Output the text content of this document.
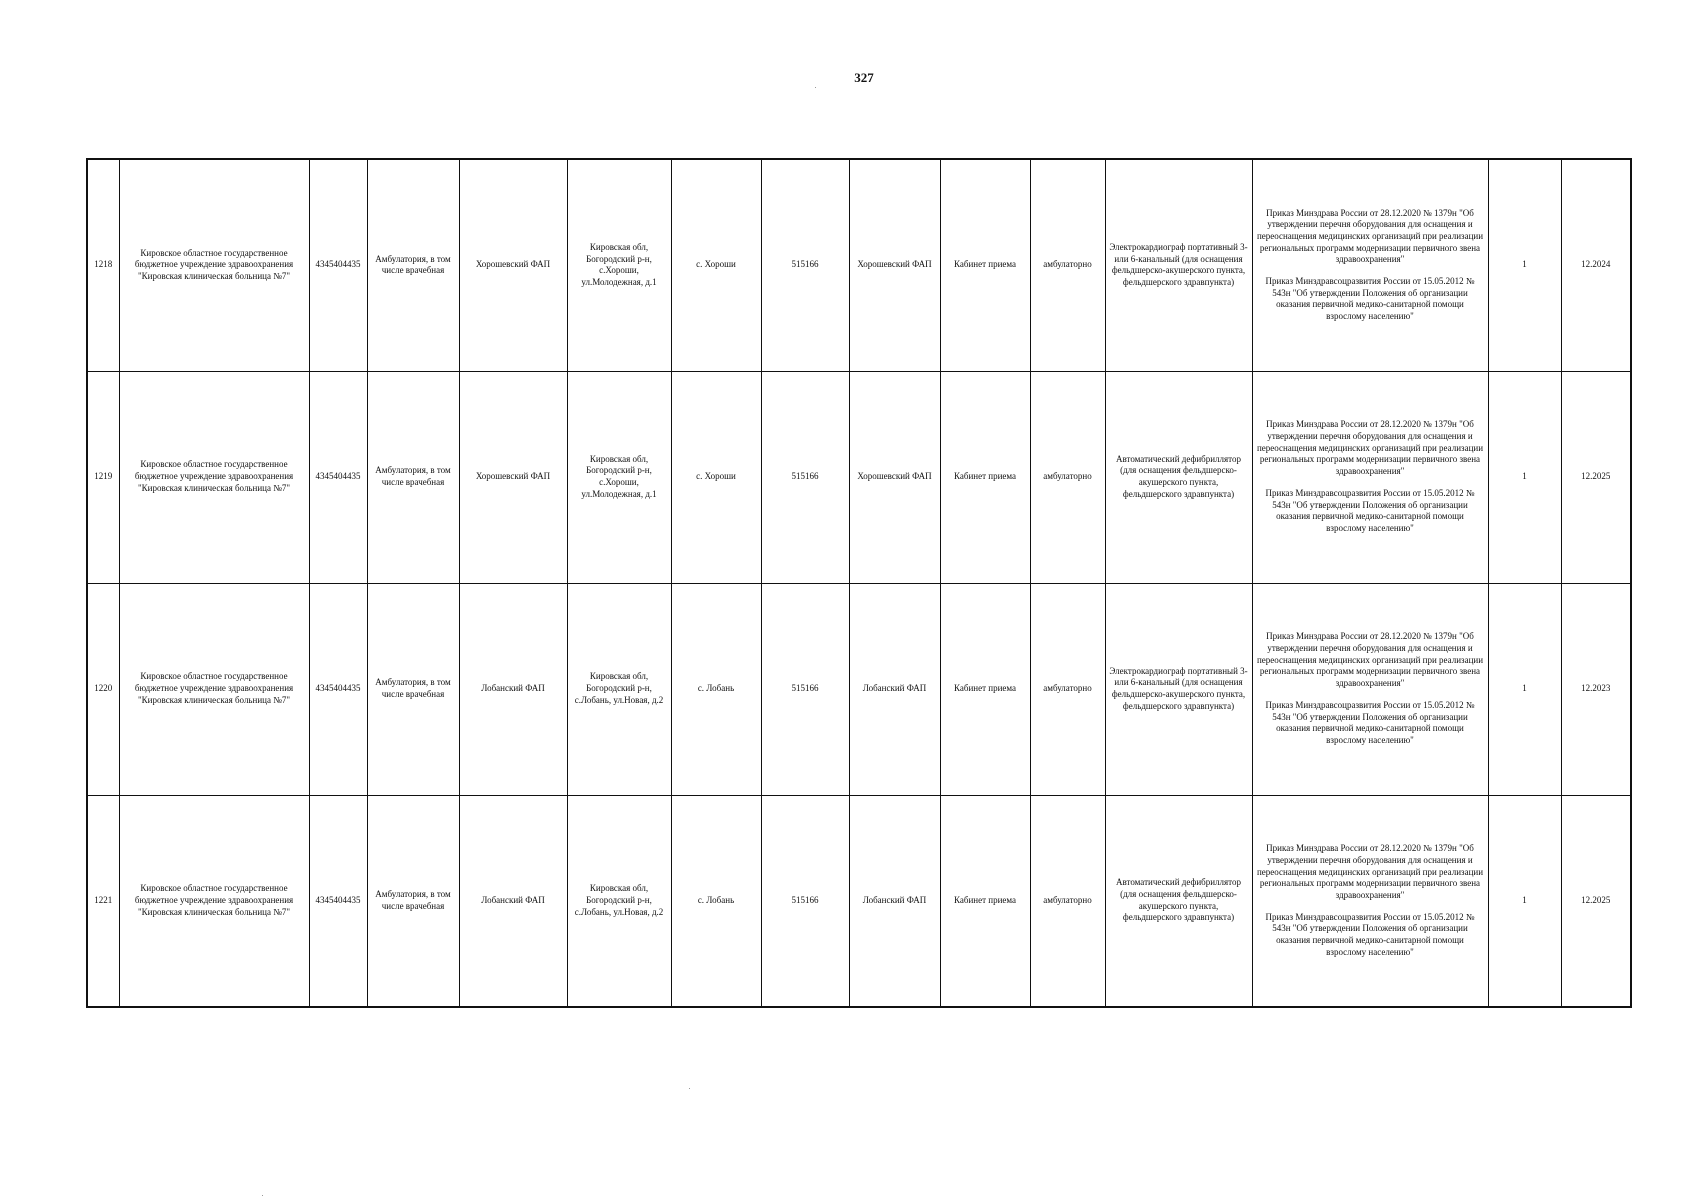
327
1218	Кировское областное государственное бюджетное учреждение здравоохранения "Кировская клиническая больница №7"	4345404435	Амбулатория, в том числе врачебная	Хорошевский ФАП	Кировская обл, Богородский р-н, с.Хороши, ул.Молодежная, д.1	с. Хороши	515166	Хорошевский ФАП	Кабинет приема	амбулаторно	Электрокардиограф портативный 3- или 6-канальный (для оснащения фельдшерско-акушерского пункта, фельдшерского здравпункта)	Приказ Минздрава России от 28.12.2020 № 1379н "Об утверждении перечня оборудования для оснащения и переоснащения медицинских организаций при реализации региональных программ модернизации первичного звена здравоохранения"
Приказ Минздравсоцразвития России от 15.05.2012 № 543н "Об утверждении Положения об организации оказания первичной медико-санитарной помощи взрослому населению"	1	12.2024
1219	Кировское областное государственное бюджетное учреждение здравоохранения "Кировская клиническая больница №7"	4345404435	Амбулатория, в том числе врачебная	Хорошевский ФАП	Кировская обл, Богородский р-н, с.Хороши, ул.Молодежная, д.1	с. Хороши	515166	Хорошевский ФАП	Кабинет приема	амбулаторно	Автоматический дефибриллятор (для оснащения фельдшерско-акушерского пункта, фельдшерского здравпункта)	Приказ Минздрава России от 28.12.2020 № 1379н "Об утверждении перечня оборудования для оснащения и переоснащения медицинских организаций при реализации региональных программ модернизации первичного звена здравоохранения"
Приказ Минздравсоцразвития России от 15.05.2012 № 543н "Об утверждении Положения об организации оказания первичной медико-санитарной помощи взрослому населению"	1	12.2025
1220	Кировское областное государственное бюджетное учреждение здравоохранения "Кировская клиническая больница №7"	4345404435	Амбулатория, в том числе врачебная	Лобанский ФАП	Кировская обл, Богородский р-н, с.Лобань, ул.Новая, д.2	с. Лобань	515166	Лобанский ФАП	Кабинет приема	амбулаторно	Электрокардиограф портативный 3- или 6-канальный (для оснащения фельдшерско-акушерского пункта, фельдшерского здравпункта)	Приказ Минздрава России от 28.12.2020 № 1379н "Об утверждении перечня оборудования для оснащения и переоснащения медицинских организаций при реализации региональных программ модернизации первичного звена здравоохранения"
Приказ Минздравсоцразвития России от 15.05.2012 № 543н "Об утверждении Положения об организации оказания первичной медико-санитарной помощи взрослому населению"	1	12.2023
1221	Кировское областное государственное бюджетное учреждение здравоохранения "Кировская клиническая больница №7"	4345404435	Амбулатория, в том числе врачебная	Лобанский ФАП	Кировская обл, Богородский р-н, с.Лобань, ул.Новая, д.2	с. Лобань	515166	Лобанский ФАП	Кабинет приема	амбулаторно	Автоматический дефибриллятор (для оснащения фельдшерско-акушерского пункта, фельдшерского здравпункта)	Приказ Минздрава России от 28.12.2020 № 1379н "Об утверждении перечня оборудования для оснащения и переоснащения медицинских организаций при реализации региональных программ модернизации первичного звена здравоохранения"
Приказ Минздравсоцразвития России от 15.05.2012 № 543н "Об утверждении Положения об организации оказания первичной медико-санитарной помощи взрослому населению"	1	12.2025
